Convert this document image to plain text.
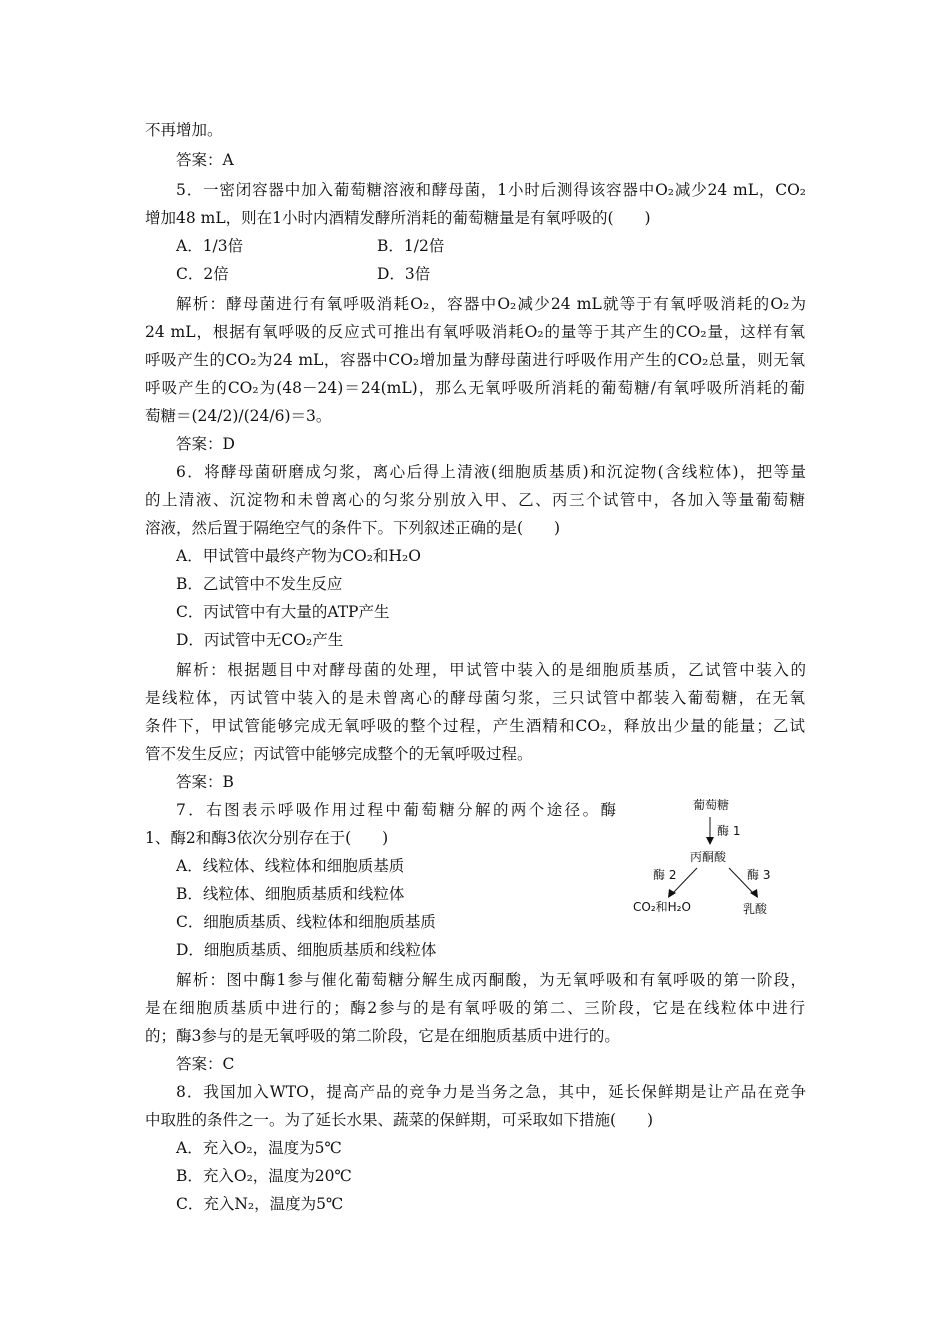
不再增加。
答案：A
5．一密闭容器中加入葡萄糖溶液和酵母菌，1小时后测得该容器中O₂减少24 mL，CO₂
增加48 mL，则在1小时内酒精发酵所消耗的葡萄糖量是有氧呼吸的(　　)
A．1/3倍	B．1/2倍
C．2倍	D．3倍
解析：酵母菌进行有氧呼吸消耗O₂，容器中O₂减少24 mL就等于有氧呼吸消耗的O₂为
24 mL，根据有氧呼吸的反应式可推出有氧呼吸消耗O₂的量等于其产生的CO₂量，这样有氧
呼吸产生的CO₂为24 mL，容器中CO₂增加量为酵母菌进行呼吸作用产生的CO₂总量，则无氧
呼吸产生的CO₂为(48－24)＝24(mL)，那么无氧呼吸所消耗的葡萄糖/有氧呼吸所消耗的葡
萄糖＝(24/2)/(24/6)＝3。
答案：D
6．将酵母菌研磨成匀浆，离心后得上清液(细胞质基质)和沉淀物(含线粒体)，把等量
的上清液、沉淀物和未曾离心的匀浆分别放入甲、乙、丙三个试管中，各加入等量葡萄糖
溶液，然后置于隔绝空气的条件下。下列叙述正确的是(　　)
A．甲试管中最终产物为CO₂和H₂O
B．乙试管中不发生反应
C．丙试管中有大量的ATP产生
D．丙试管中无CO₂产生
解析：根据题目中对酵母菌的处理，甲试管中装入的是细胞质基质，乙试管中装入的
是线粒体，丙试管中装入的是未曾离心的酵母菌匀浆，三只试管中都装入葡萄糖，在无氧
条件下，甲试管能够完成无氧呼吸的整个过程，产生酒精和CO₂，释放出少量的能量；乙试
管不发生反应；丙试管中能够完成整个的无氧呼吸过程。
答案：B
7．右图表示呼吸作用过程中葡萄糖分解的两个途径。酶
1、酶2和酶3依次分别存在于(　　)
A．线粒体、线粒体和细胞质基质
B．线粒体、细胞质基质和线粒体
C．细胞质基质、线粒体和细胞质基质
D．细胞质基质、细胞质基质和线粒体
葡萄糖
酶 1
丙酮酸
酶 2	酶 3
CO₂和H₂O	乳酸
解析：图中酶1参与催化葡萄糖分解生成丙酮酸，为无氧呼吸和有氧呼吸的第一阶段，
是在细胞质基质中进行的；酶2参与的是有氧呼吸的第二、三阶段，它是在线粒体中进行
的；酶3参与的是无氧呼吸的第二阶段，它是在细胞质基质中进行的。
答案：C
8．我国加入WTO，提高产品的竞争力是当务之急，其中，延长保鲜期是让产品在竞争
中取胜的条件之一。为了延长水果、蔬菜的保鲜期，可采取如下措施(　　)
A．充入O₂，温度为5℃
B．充入O₂，温度为20℃
C．充入N₂，温度为5℃
